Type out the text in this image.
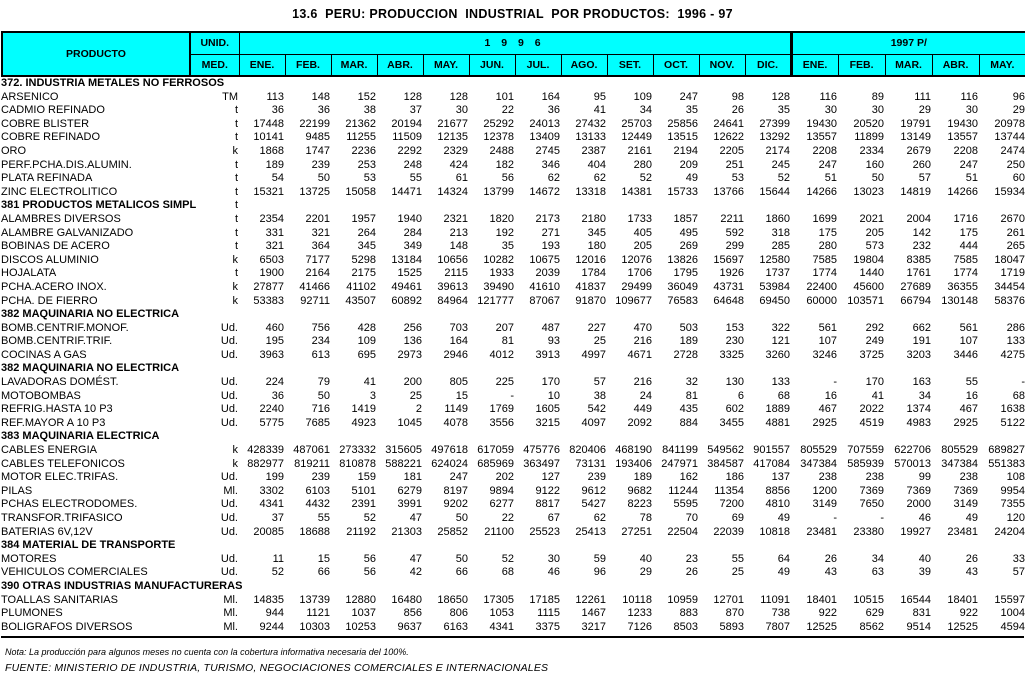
13.6  PERU: PRODUCCION  INDUSTRIAL  POR PRODUCTOS:  1996 - 97
PRODUCTO	UNID.	1 9 9 6												1997 P/				
	MED.	ENE.	FEB.	MAR.	ABR.	MAY.	JUN.	JUL.	AGO.	SET.	OCT.	NOV.	DIC.	ENE.	FEB.	MAR.	ABR.	MAY.
372. INDUSTRIA METALES NO FERROSOS																		
ARSENICO	TM	113	148	152	128	128	101	164	95	109	247	98	128	116	89	111	116	96
CADMIO REFINADO	t	36	36	38	37	30	22	36	41	34	35	26	35	30	30	29	30	29
COBRE BLISTER	t	17448	22199	21362	20194	21677	25292	24013	27432	25703	25856	24641	27399	19430	20520	19791	19430	20978
COBRE REFINADO	t	10141	9485	11255	11509	12135	12378	13409	13133	12449	13515	12622	13292	13557	11899	13149	13557	13744
ORO	k	1868	1747	2236	2292	2329	2488	2745	2387	2161	2194	2205	2174	2208	2334	2679	2208	2474
PERF.PCHA.DIS.ALUMIN.	t	189	239	253	248	424	182	346	404	280	209	251	245	247	160	260	247	250
PLATA REFINADA	t	54	50	53	55	61	56	62	62	52	49	53	52	51	50	57	51	60
ZINC ELECTROLITICO	t	15321	13725	15058	14471	14324	13799	14672	13318	14381	15733	13766	15644	14266	13023	14819	14266	15934
381 PRODUCTOS METALICOS SIMPL	t																	
ALAMBRES DIVERSOS	t	2354	2201	1957	1940	2321	1820	2173	2180	1733	1857	2211	1860	1699	2021	2004	1716	2670
ALAMBRE GALVANIZADO	t	331	321	264	284	213	192	271	345	405	495	592	318	175	205	142	175	261
BOBINAS DE ACERO	t	321	364	345	349	148	35	193	180	205	269	299	285	280	573	232	444	265
DISCOS ALUMINIO	k	6503	7177	5298	13184	10656	10282	10675	12016	12076	13826	15697	12580	7585	19804	8385	7585	18047
HOJALATA	t	1900	2164	2175	1525	2115	1933	2039	1784	1706	1795	1926	1737	1774	1440	1761	1774	1719
PCHA.ACERO INOX.	k	27877	41466	41102	49461	39613	39490	41610	41837	29499	36049	43731	53984	22400	45600	27689	36355	34454
PCHA. DE FIERRO	k	53383	92711	43507	60892	84964	121777	87067	91870	109677	76583	64648	69450	60000	103571	66794	130148	58376
382 MAQUINARIA NO ELECTRICA																		
BOMB.CENTRIF.MONOF.	Ud.	460	756	428	256	703	207	487	227	470	503	153	322	561	292	662	561	286
BOMB.CENTRIF.TRIF.	Ud.	195	234	109	136	164	81	93	25	216	189	230	121	107	249	191	107	133
COCINAS A GAS	Ud.	3963	613	695	2973	2946	4012	3913	4997	4671	2728	3325	3260	3246	3725	3203	3446	4275
382 MAQUINARIA NO ELECTRICA																		
LAVADORAS DOMÉST.	Ud.	224	79	41	200	805	225	170	57	216	32	130	133	-	170	163	55	-
MOTOBOMBAS	Ud.	36	50	3	25	15	-	10	38	24	81	6	68	16	41	34	16	68
REFRIG.HASTA 10 P3	Ud.	2240	716	1419	2	1149	1769	1605	542	449	435	602	1889	467	2022	1374	467	1638
REF.MAYOR A 10 P3	Ud.	5775	7685	4923	1045	4078	3556	3215	4097	2092	884	3455	4881	2925	4519	4983	2925	5122
383 MAQUINARIA ELECTRICA																		
CABLES ENERGIA	k	428339	487061	273332	315605	497618	617059	475776	820406	468190	841199	549562	901557	805529	707559	622706	805529	689827
CABLES TELEFONICOS	k	882977	819211	810878	588221	624024	685969	363497	73131	193406	247971	384587	417084	347384	585939	570013	347384	551383
MOTOR ELEC.TRIFAS.	Ud.	199	239	159	181	247	202	127	239	189	162	186	137	238	238	99	238	108
PILAS	Ml.	3302	6103	5101	6279	8197	9894	9122	9612	9682	11244	11354	8856	1200	7369	7369	7369	9954
PCHAS ELECTRODOMES.	Ud.	4341	4432	2391	3991	9202	6277	8817	5427	8223	5595	7200	4810	3149	7650	2000	3149	7355
TRANSFOR.TRIFASICO	Ud.	37	55	52	47	50	22	67	62	78	70	69	49	-	-	46	49	120
BATERIAS 6V,12V	Ud.	20085	18688	21192	21303	25852	21100	25523	25413	27251	22504	22039	10818	23481	23380	19927	23481	24204
384 MATERIAL DE TRANSPORTE																		
MOTORES	Ud.	11	15	56	47	50	52	30	59	40	23	55	64	26	34	40	26	33
VEHICULOS COMERCIALES	Ud.	52	66	56	42	66	68	46	96	29	26	25	49	43	63	39	43	57
390 OTRAS INDUSTRIAS MANUFACTURERAS																		
TOALLAS SANITARIAS	Ml.	14835	13739	12880	16480	18650	17305	17185	12261	10118	10959	12701	11091	18401	10515	16544	18401	15597
PLUMONES	Ml.	944	1121	1037	856	806	1053	1115	1467	1233	883	870	738	922	629	831	922	1004
BOLIGRAFOS DIVERSOS	Ml.	9244	10303	10253	9637	6163	4341	3375	3217	7126	8503	5893	7807	12525	8562	9514	12525	4594
Nota: La producción para algunos meses no cuenta con la cobertura informativa necesaria del 100%.
FUENTE: MINISTERIO DE INDUSTRIA, TURISMO, NEGOCIACIONES COMERCIALES E INTERNACIONALES
